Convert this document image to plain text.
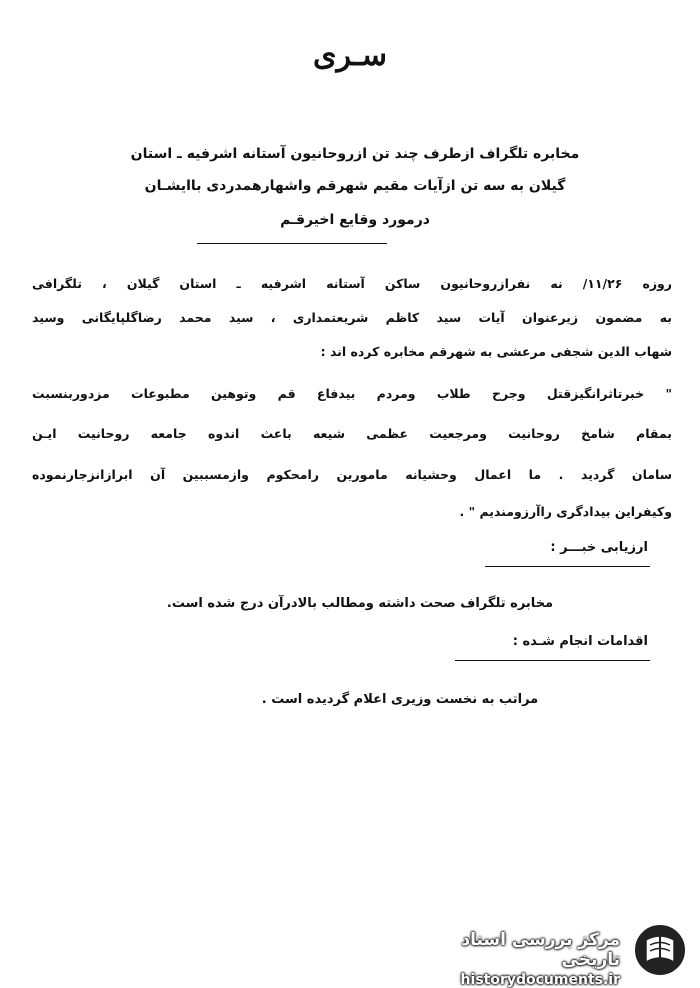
سـری
مخابره تلگراف ازطرف چند تن ازروحانیون آستانه اشرفیه ـ استان
گیلان به سه تن ازآیات مقیم شهرقم واشهارهمدردی باایشـان
درمورد وقایع اخیرقـم
روزه ۱۱/۲۶/ نه نفرازروحانیون ساکن آستانه اشرفیه ـ استان گیلان ، تلگرافی
به مضمون زیرعنوان آیات سید کاظم شریعتمداری ، سید محمد رضاگلپایگانی وسید
شهاب الدین شجفی مرعشی به شهرقم مخابره کرده اند :
" خبرتاثرانگیزقتل وجرح طلاب ومردم بیدفاع قم وتوهین مطبوعات مزدوربنسبت
بمقام شامخ روحانیت ومرجعیت عظمی شیعه باعث اندوه جامعه روحانیت ایـن
سامان گردید . ما اعمال وحشیانه مامورین رامحکوم وازمسببین آن ابرازانزجارنموده
وکیفراین بیدادگری راآرزومندیم " .
ارزیابی خبـــر :
مخابره تلگراف صحت داشته ومطالب بالادرآن درج شده است.
اقدامات انجام شـده :
مراتب به نخست وزیری اعلام گردیده است .
مرکز بررسی اسناد تاریخی
historydocuments.ir
